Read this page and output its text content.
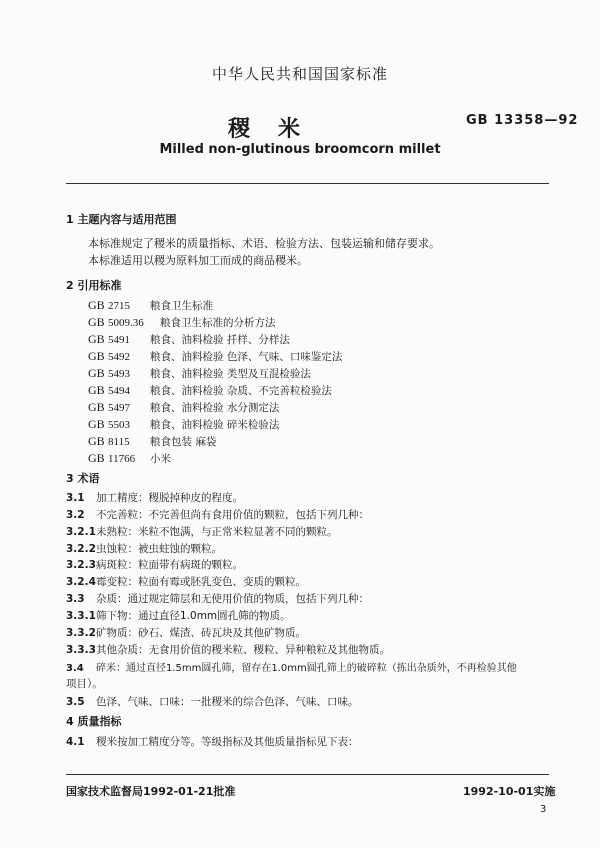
中华人民共和国国家标准
稷米	GB 13358—92
Milled non-glutinous broomcorn millet
1 主题内容与适用范围
本标准规定了稷米的质量指标、术语、检验方法、包装运输和储存要求。
本标准适用以稷为原料加工而成的商品稷米。
2 引用标准
GB 2715 粮食卫生标准
GB 5009.36 粮食卫生标准的分析方法
GB 5491 粮食、油料检验 扦样、分样法
GB 5492 粮食、油料检验 色泽、气味、口味鉴定法
GB 5493 粮食、油料检验 类型及互混检验法
GB 5494 粮食、油料检验 杂质、不完善粒检验法
GB 5497 粮食、油料检验 水分测定法
GB 5503 粮食、油料检验 碎米检验法
GB 8115 粮食包装 麻袋
GB 11766 小米
3 术语
3.1 加工精度：稷脱掉种皮的程度。
3.2 不完善粒：不完善但尚有食用价值的颗粒，包括下列几种：
3.2.1未熟粒：米粒不饱满，与正常米粒显著不同的颗粒。
3.2.2虫蚀粒：被虫蛀蚀的颗粒。
3.2.3病斑粒：粒面带有病斑的颗粒。
3.2.4霉变粒：粒面有霉或胚乳变色、变质的颗粒。
3.3 杂质：通过规定筛层和无使用价值的物质，包括下列几种：
3.3.1筛下物：通过直径1.0mm圆孔筛的物质。
3.3.2矿物质：砂石、煤渣、砖瓦块及其他矿物质。
3.3.3其他杂质：无食用价值的稷米粒、稷粒、异种粮粒及其他物质。
3.4 碎米：通过直径1.5mm圆孔筛，留存在1.0mm圆孔筛上的破碎粒（拣出杂质外，不再检验其他
项目）。
3.5 色泽、气味、口味：一批稷米的综合色泽、气味、口味。
4 质量指标
4.1 稷米按加工精度分等。等级指标及其他质量指标见下表：
国家技术监督局1992-01-21批准	1992-10-01实施
3
